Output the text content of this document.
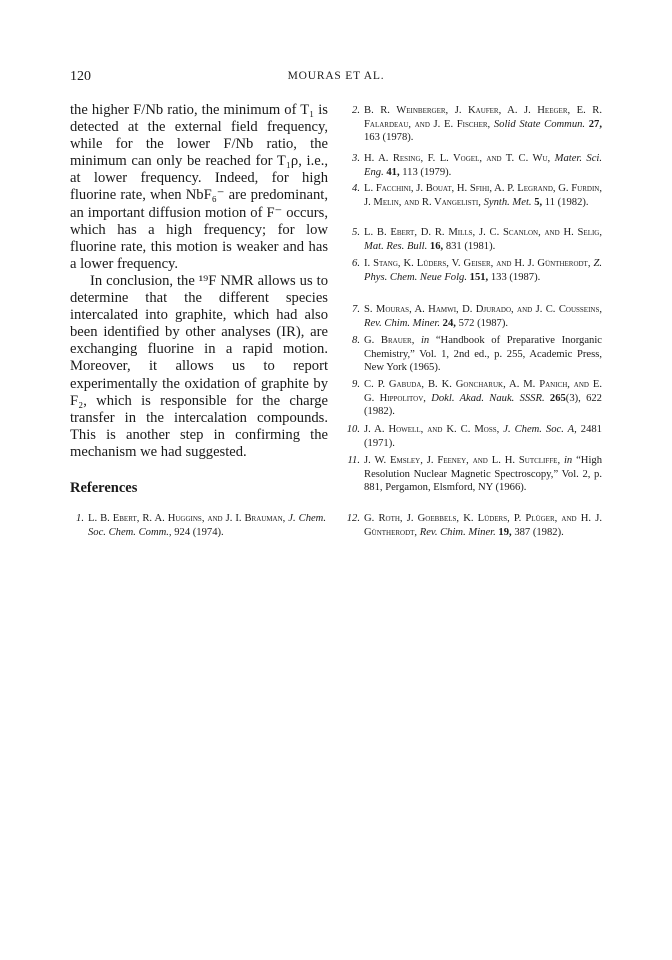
120	MOURAS ET AL.

the higher F/Nb ratio, the minimum of T₁ is detected at the external field frequency, while for the lower F/Nb ratio, the minimum can only be reached for T₁ρ, i.e., at lower frequency. Indeed, for high fluorine rate, when NbF₆⁻ are predominant, an important diffusion motion of F⁻ occurs, which has a high frequency; for low fluorine rate, this motion is weaker and has a lower frequency.

In conclusion, the ¹⁹F NMR allows us to determine that the different species intercalated into graphite, which had also been identified by other analyses (IR), are exchanging fluorine in a rapid motion. Moreover, it allows us to report experimentally the oxidation of graphite by F₂, which is responsible for the charge transfer in the intercalation compounds. This is another step in confirming the mechanism we had suggested.

References
1. L. B. Ebert, R. A. Huggins, and J. I. Brauman, J. Chem. Soc. Chem. Comm., 924 (1974).
2. B. R. Weinberger, J. Kaufer, A. J. Heeger, E. R. Falardeau, and J. E. Fischer, Solid State Commun. 27, 163 (1978).
3. H. A. Resing, F. L. Vogel, and T. C. Wu, Mater. Sci. Eng. 41, 113 (1979).
4. L. Facchini, J. Bouat, H. Sfihi, A. P. Legrand, G. Furdin, J. Melin, and R. Vangelisti, Synth. Met. 5, 11 (1982).
5. L. B. Ebert, D. R. Mills, J. C. Scanlon, and H. Selig, Mat. Res. Bull. 16, 831 (1981).
6. I. Stang, K. Lüders, V. Geiser, and H. J. Güntherodt, Z. Phys. Chem. Neue Folg. 151, 133 (1987).
7. S. Mouras, A. Hamwi, D. Djurado, and J. C. Cousseins, Rev. Chim. Miner. 24, 572 (1987).
8. G. Brauer, in “Handbook of Preparative Inorganic Chemistry,” Vol. 1, 2nd ed., p. 255, Academic Press, New York (1965).
9. C. P. Gabuda, B. K. Goncharuk, A. M. Panich, and E. G. Hippolitov, Dokl. Akad. Nauk. SSSR. 265(3), 622 (1982).
10. J. A. Howell, and K. C. Moss, J. Chem. Soc. A, 2481 (1971).
11. J. W. Emsley, J. Feeney, and L. H. Sutcliffe, in “High Resolution Nuclear Magnetic Spectroscopy,” Vol. 2, p. 881, Pergamon, Elsmford, NY (1966).
12. G. Roth, J. Goebbels, K. Lüders, P. Plüger, and H. J. Güntherodt, Rev. Chim. Miner. 19, 387 (1982).
